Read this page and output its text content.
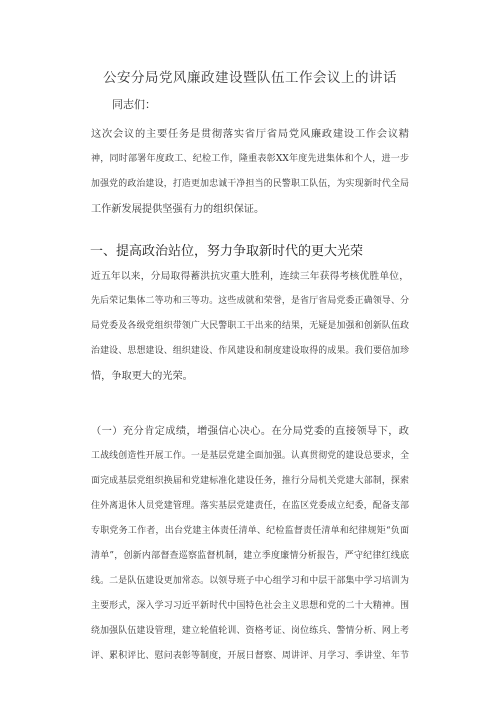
公安分局党风廉政建设暨队伍工作会议上的讲话
同志们：
这次会议的主要任务是贯彻落实省厅省局党风廉政建设工作会议精
神，同时部署年度政工、纪检工作，隆重表彰XX年度先进集体和个人，进一步
加强党的政治建设，打造更加忠诚干净担当的民警职工队伍，为实现新时代全局
工作新发展提供坚强有力的组织保证。
一、提高政治站位，努力争取新时代的更大光荣
近五年以来，分局取得蓄洪抗灾重大胜利，连续三年获得考核优胜单位，
先后荣记集体二等功和三等功。这些成就和荣誉，是省厅省局党委正确领导、分
局党委及各级党组织带领广大民警职工干出来的结果，无疑是加强和创新队伍政
治建设、思想建设、组织建设、作风建设和制度建设取得的成果。我们要倍加珍
惜，争取更大的光荣。
（一）充分肯定成绩，增强信心决心。在分局党委的直接领导下，政
工战线创造性开展工作。一是基层党建全面加强。认真贯彻党的建设总要求，全
面完成基层党组织换届和党建标准化建设任务，推行分局机关党建大部制，探索
住外离退休人员党建管理。落实基层党建责任，在监区党委成立纪委，配备支部
专职党务工作者，出台党建主体责任清单、纪检监督责任清单和纪律规矩“负面
清单”，创新内部督查巡察监督机制，建立季度廉情分析报告，严守纪律红线底
线。二是队伍建设更加常态。以领导班子中心组学习和中层干部集中学习培训为
主要形式，深入学习习近平新时代中国特色社会主义思想和党的二十大精神。围
绕加强队伍建设管理，建立轮值轮训、资格考证、岗位练兵、警情分析、网上考
评、累积评比、慰问表彰等制度，开展日督察、周讲评、月学习、季讲堂、年节
